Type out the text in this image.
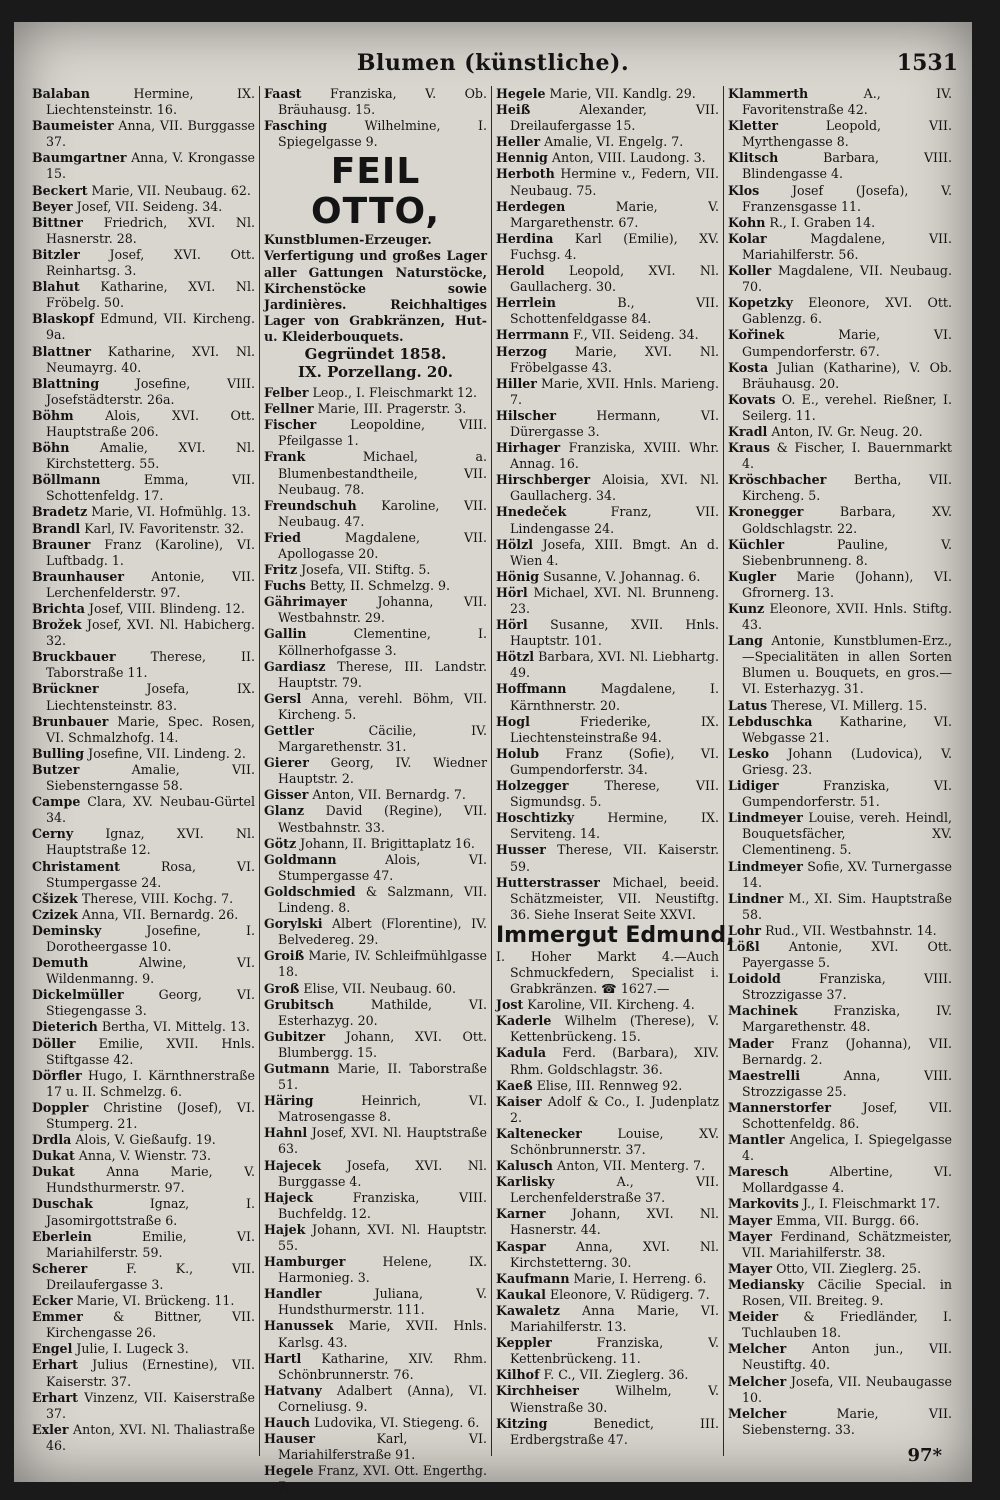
Blumen (künstliche).	1531
Balaban	Hermine, IX. Liechtensteinstr. 16.
Baumeister Anna, VII. Burggasse 37.
Baumgartner Anna, V. Krongasse 15.
Beckert Marie, VII. Neubaug. 62.
Beyer Josef, VII. Seideng. 34.
Bittner Friedrich, XVI. Nl. Hasnerstr. 28.
Bitzler Josef, XVI. Ott. Reinhartsg. 3.
Blahut Katharine, XVI. Nl. Fröbelg. 50.
Blaskopf Edmund, VII. Kircheng. 9a.
Blattner Katharine, XVI. Nl. Neumayrg. 40.
Blattning	Josefine, VIII. Josefstädterstr. 26a.
Böhm	Alois, XVI. Ott. Hauptstraße 206.
Böhn Amalie, XVI. Nl. Kirchstetterg. 55.
Böllmann	Emma, VII. Schottenfeldg. 17.
Bradetz Marie, VI. Hofmühlg. 13.
Brandl Karl, IV. Favoritenstr. 32.
Brauner Franz (Karoline), VI. Luftbadg. 1.
Braunhauser Antonie, VII. Lerchenfelderstr. 97.
Brichta Josef, VIII. Blindeng. 12.
Brožek Josef, XVI. Nl. Habicherg. 32.
Bruckbauer	Therese, II. Taborstraße 11.
Brückner	Josefa, IX. Liechtensteinstr. 83.
Brunbauer Marie, Spec. Rosen, VI. Schmalzhofg. 14.
Bulling Josefine, VII. Lindeng. 2.
Butzer	Amalie, VII. Siebensterngasse 58.
Campe Clara, XV. Neubau-Gürtel 34.
Cerny	Ignaz, XVI. Nl. Hauptstraße 12.
Christament	Rosa, VI. Stumpergasse 24.
Cšizek Therese, VIII. Kochg. 7.
Czizek Anna, VII. Bernardg. 26.
Deminsky	Josefine, I. Dorotheergasse 10.
Demuth	Alwine, VI. Wildenmanng. 9.
Dickelmüller	Georg, VI. Stiegengasse 3.
Dieterich Bertha, VI. Mittelg. 13.
Döller Emilie, XVII. Hnls. Stiftgasse 42.
Dörfler Hugo, I. Kärnthnerstraße 17 u. II. Schmelzg. 6.
Doppler Christine (Josef), VI. Stumperg. 21.
Drdla Alois, V. Gießaufg. 19.
Dukat Anna, V. Wienstr. 73.
Dukat	Anna Marie, V. Hundsthurmerstr. 97.
Duschak	Ignaz, I. Jasomirgottstraße 6.
Eberlein	Emilie, VI. Mariahilferstr. 59.
Scherer	F. K., VII. Dreilaufergasse 3.
Ecker Marie, VI. Brückeng. 11.
Emmer & Bittner, VII. Kirchengasse 26.
Engel Julie, I. Lugeck 3.
Erhart Julius (Ernestine), VII. Kaiserstr. 37.
Erhart Vinzenz, VII. Kaiserstraße 37.
Exler Anton, XVI. Nl. Thaliastraße 46.
Faast Franziska, V. Ob. Bräuhausg. 15.
Fasching	Wilhelmine, I. Spiegelgasse 9.
FEIL OTTO,
Kunstblumen-Erzeuger. Verfertigung und großes Lager aller Gattungen Naturstöcke, Kirchenstöcke sowie Jardinières. Reichhaltiges Lager von Grabkränzen, Hut- u. Kleiderbouquets.
Gegründet 1858.
IX. Porzellang. 20.
Felber Leop., I. Fleischmarkt 12.
Fellner Marie, III. Pragerstr. 3.
Fischer	Leopoldine, VIII. Pfeilgasse 1.
Frank	Michael, a. Blumenbestandtheile, VII. Neubaug. 78.
Freundschuh Karoline, VII. Neubaug. 47.
Fried	Magdalene, VII. Apollogasse 20.
Fritz Josefa, VII. Stiftg. 5.
Fuchs Betty, II. Schmelzg. 9.
Gährimayer Johanna, VII. Westbahnstr. 29.
Gallin	Clementine, I. Köllnerhofgasse 3.
Gardiasz Therese, III. Landstr. Hauptstr. 79.
Gersl Anna, verehl. Böhm, VII. Kircheng. 5.
Gettler	Cäcilie, IV. Margarethenstr. 31.
Gierer Georg, IV. Wiedner Hauptstr. 2.
Gisser Anton, VII. Bernardg. 7.
Glanz David (Regine), VII. Westbahnstr. 33.
Götz Johann, II. Brigittaplatz 16.
Goldmann	Alois, VI. Stumpergasse 47.
Goldschmied & Salzmann, VII. Lindeng. 8.
Gorylski Albert (Florentine), IV. Belvedereg. 29.
Groiß Marie, IV. Schleifmühlgasse 18.
Groß Elise, VII. Neubaug. 60.
Grubitsch	Mathilde, VI. Esterhazyg. 20.
Gubitzer Johann, XVI. Ott. Blumbergg. 15.
Gutmann Marie, II. Taborstraße 51.
Häring	Heinrich, VI. Matrosengasse 8.
Hahnl Josef, XVI. Nl. Hauptstraße 63.
Hajecek Josefa, XVI. Nl. Burggasse 4.
Hajeck	Franziska, VIII. Buchfeldg. 12.
Hajek Johann, XVI. Nl. Hauptstr. 55.
Hamburger	Helene, IX. Harmonieg. 3.
Handler	Juliana, V. Hundsthurmerstr. 111.
Hanussek Marie, XVII. Hnls. Karlsg. 43.
Hartl Katharine, XIV. Rhm. Schönbrunnerstr. 76.
Hatvany Adalbert (Anna), VI. Corneliusg. 9.
Hauch Ludovika, VI. Stiegeng. 6.
Hauser	Karl, VI. Mariahilferstraße 91.
Hegele Franz, XVI. Ott. Engerthg. 7.
Hegele Marie, VII. Kandlg. 29.
Heiß	Alexander, VII. Dreilaufergasse 15.
Heller Amalie, VI. Engelg. 7.
Hennig Anton, VIII. Laudong. 3.
Herboth Hermine v., Federn, VII. Neubaug. 75.
Herdegen	Marie, V. Margarethenstr. 67.
Herdina Karl (Emilie), XV. Fuchsg. 4.
Herold Leopold, XVI. Nl. Gaullacherg. 30.
Herrlein	B., VII. Schottenfeldgasse 84.
Herrmann F., VII. Seideng. 34.
Herzog Marie, XVI. Nl. Fröbelgasse 43.
Hiller Marie, XVII. Hnls. Marieng. 7.
Hilscher	Hermann, VI. Dürergasse 3.
Hirhager Franziska, XVIII. Whr. Annag. 16.
Hirschberger Aloisia, XVI. Nl. Gaullacherg. 34.
Hnedeček	Franz, VII. Lindengasse 24.
Hölzl Josefa, XIII. Bmgt. An d. Wien 4.
Hönig Susanne, V. Johannag. 6.
Hörl Michael, XVI. Nl. Brunneng. 23.
Hörl Susanne, XVII. Hnls. Hauptstr. 101.
Hötzl Barbara, XVI. Nl. Liebhartg. 49.
Hoffmann	Magdalene, I. Kärnthnerstr. 20.
Hogl	Friederike, IX. Liechtensteinstraße 94.
Holub Franz (Sofie), VI. Gumpendorferstr. 34.
Holzegger	Therese, VII. Sigmundsg. 5.
Hoschtizky	Hermine, IX. Serviteng. 14.
Husser Therese, VII. Kaiserstr. 59.
Hutterstrasser Michael, beeid. Schätzmeister, VII. Neustiftg. 36. Siehe Inserat Seite XXVI.
Immergut Edmund,
I. Hoher Markt 4.—Auch Schmuckfedern, Specialist i. Grabkränzen. ☎ 1627.—
Jost Karoline, VII. Kircheng. 4.
Kaderle Wilhelm (Therese), V. Kettenbrückeng. 15.
Kadula Ferd. (Barbara), XIV. Rhm. Goldschlagstr. 36.
Kaeß Elise, III. Rennweg 92.
Kaiser Adolf & Co., I. Judenplatz 2.
Kaltenecker	Louise, XV. Schönbrunnerstr. 37.
Kalusch Anton, VII. Menterg. 7.
Karlisky	A., VII. Lerchenfelderstraße 37.
Karner Johann, XVI. Nl. Hasnerstr. 44.
Kaspar Anna, XVI. Nl. Kirchstetterng. 30.
Kaufmann Marie, I. Herreng. 6.
Kaukal Eleonore, V. Rüdigerg. 7.
Kawaletz Anna Marie, VI. Mariahilferstr. 13.
Keppler	Franziska, V. Kettenbrückeng. 11.
Kilhof F. C., VII. Zieglerg. 36.
Kirchheiser	Wilhelm, V. Wienstraße 30.
Kitzing	Benedict, III. Erdbergstraße 47.
Klammerth	A., IV. Favoritenstraße 42.
Kletter	Leopold, VII. Myrthengasse 8.
Klitsch	Barbara, VIII. Blindengasse 4.
Klos	Josef (Josefa), V. Franzensgasse 11.
Kohn R., I. Graben 14.
Kolar	Magdalene, VII. Mariahilferstr. 56.
Koller Magdalene, VII. Neubaug. 70.
Kopetzky Eleonore, XVI. Ott. Gablenzg. 6.
Kořinek	Marie, VI. Gumpendorferstr. 67.
Kosta Julian (Katharine), V. Ob. Bräuhausg. 20.
Kovats O. E., verehel. Rießner, I. Seilerg. 11.
Kradl Anton, IV. Gr. Neug. 20.
Kraus & Fischer, I. Bauernmarkt 4.
Kröschbacher Bertha, VII. Kircheng. 5.
Kronegger	Barbara, XV. Goldschlagstr. 22.
Küchler	Pauline, V. Siebenbrunneng. 8.
Kugler Marie (Johann), VI. Gfrornerg. 13.
Kunz Eleonore, XVII. Hnls. Stiftg. 43.
Lang Antonie, Kunstblumen-Erz., —Specialitäten in allen Sorten Blumen u. Bouquets, en gros.— VI. Esterhazyg. 31.
Latus Therese, VI. Millerg. 15.
Lebduschka Katharine, VI. Webgasse 21.
Lesko Johann (Ludovica), V. Griesg. 23.
Lidiger	Franziska, VI. Gumpendorferstr. 51.
Lindmeyer Louise, vereh. Heindl, Bouquetsfächer, XV. Clementineng. 5.
Lindmeyer Sofie, XV. Turnergasse 14.
Lindner M., XI. Sim. Hauptstraße 58.
Lohr Rud., VII. Westbahnstr. 14.
Lößl Antonie, XVI. Ott. Payergasse 5.
Loidold	Franziska, VIII. Strozzigasse 37.
Machinek	Franziska, IV. Margarethenstr. 48.
Mader Franz (Johanna), VII. Bernardg. 2.
Maestrelli	Anna, VIII. Strozzigasse 25.
Mannerstorfer	Josef, VII. Schottenfeldg. 86.
Mantler Angelica, I. Spiegelgasse 4.
Maresch	Albertine, VI. Mollardgasse 4.
Markovits J., I. Fleischmarkt 17.
Mayer Emma, VII. Burgg. 66.
Mayer Ferdinand, Schätzmeister, VII. Mariahilferstr. 38.
Mayer Otto, VII. Zieglerg. 25.
Mediansky Cäcilie Special. in Rosen, VII. Breiteg. 9.
Meider & Friedländer, I. Tuchlauben 18.
Melcher Anton jun., VII. Neustiftg. 40.
Melcher Josefa, VII. Neubaugasse 10.
Melcher	Marie, VII. Siebensterng. 33.
97*
